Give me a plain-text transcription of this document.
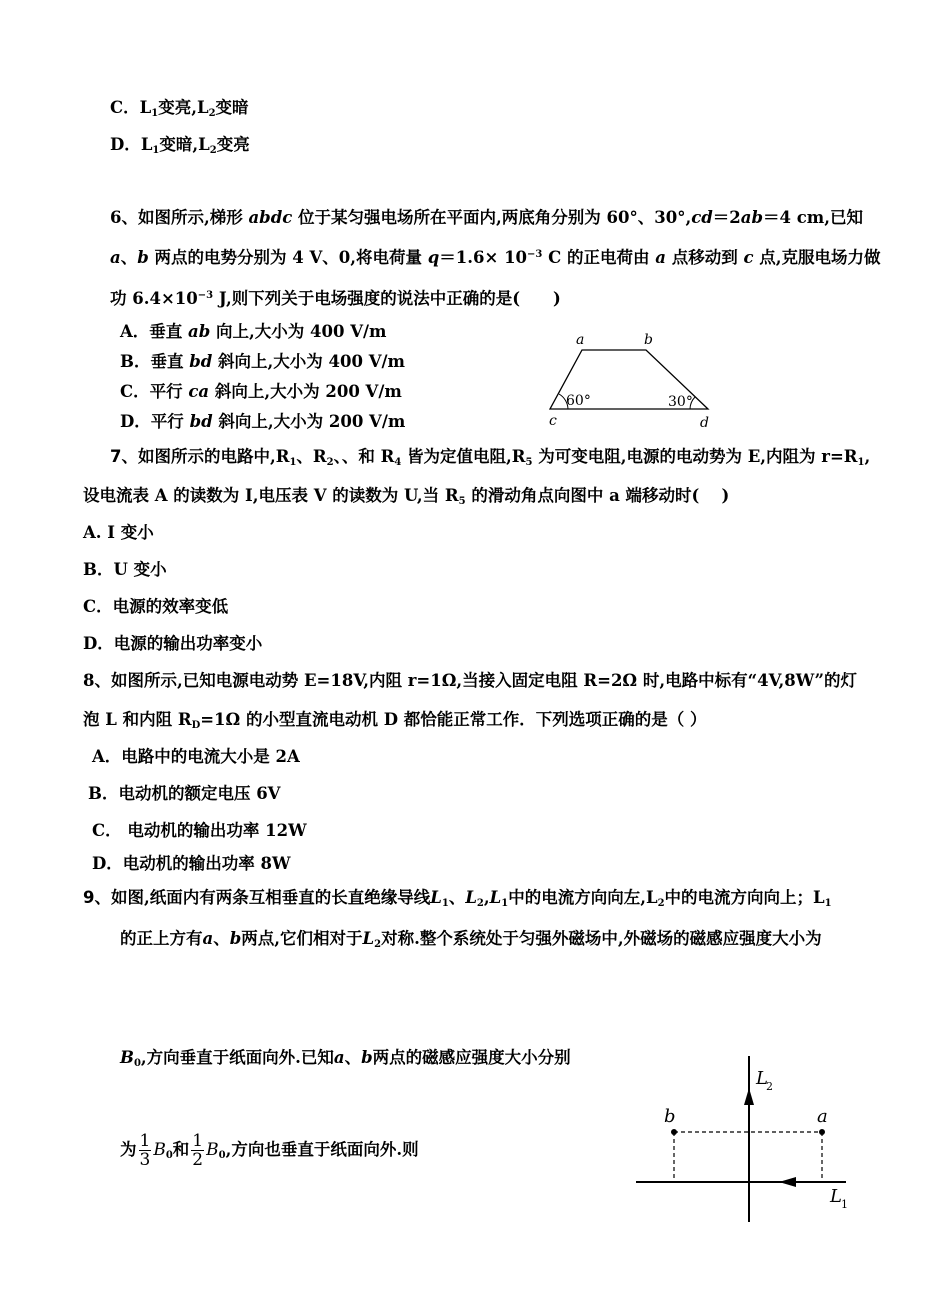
C．$L_1$变亮$,L_2$变暗
D．$L_1$变暗$,L_2$变亮
6、如图所示,梯形 abdc 位于某匀强电场所在平面内,两底角分别为 60°、30°,cd＝2ab＝4 cm,已知
a、b 两点的电势分别为 4 V、0,将电荷量 $q=1.6\times 10^{-3}$ C 的正电荷由 a 点移动到 c 点,克服电场力做
功 $6.4\times 10^{-3}$ J,则下列关于电场强度的说法中正确的是(　　)
A．垂直 ab 向上,大小为 400 V/m
B．垂直 bd 斜向上,大小为 400 V/m
C．平行 ca 斜向上,大小为 200 V/m
D．平行 bd 斜向上,大小为 200 V/m
a	b
c	d
60°	30°
7、如图所示的电路中$,R_1$、$R_2$、、和 $R_4$ 皆为定值电阻$,R_5$ 为可变电阻,电源的电动势为 E,内阻为 $r=R_1$,
设电流表 A 的读数为 I,电压表 V 的读数为 U,当 $R_5$ 的滑动角点向图中 a 端移动时(　 )
A. I 变小
B．U 变小
C．电源的效率变低
D．电源的输出功率变小
8、如图所示,已知电源电动势 E=18V,内阻 r=1Ω,当接入固定电阻 R=2Ω 时,电路中标有“4V,8W”的灯
泡 L 和内阻 $R_D=1\Omega$ 的小型直流电动机 D 都恰能正常工作．下列选项正确的是（ ）
A．电路中的电流大小是 2A
B．电动机的额定电压 6V
C． 电动机的输出功率 12W
D．电动机的输出功率 8W
9、如图,纸面内有两条互相垂直的长直绝缘导线$L_1$、$L_2,L_1$中的电流方向向左$,L_2$中的电流方向向上；$L_1$
的正上方有a、b两点,它们相对于$L_2$对称.整个系统处于匀强外磁场中,外磁场的磁感应强度大小为
$B_0$,方向垂直于纸面向外.已知a、b两点的磁感应强度大小分别
为 $\frac{1}{3} B_0$和 $\frac{1}{2} B_0$,方向也垂直于纸面向外.则
b	a
L
2
L 1
